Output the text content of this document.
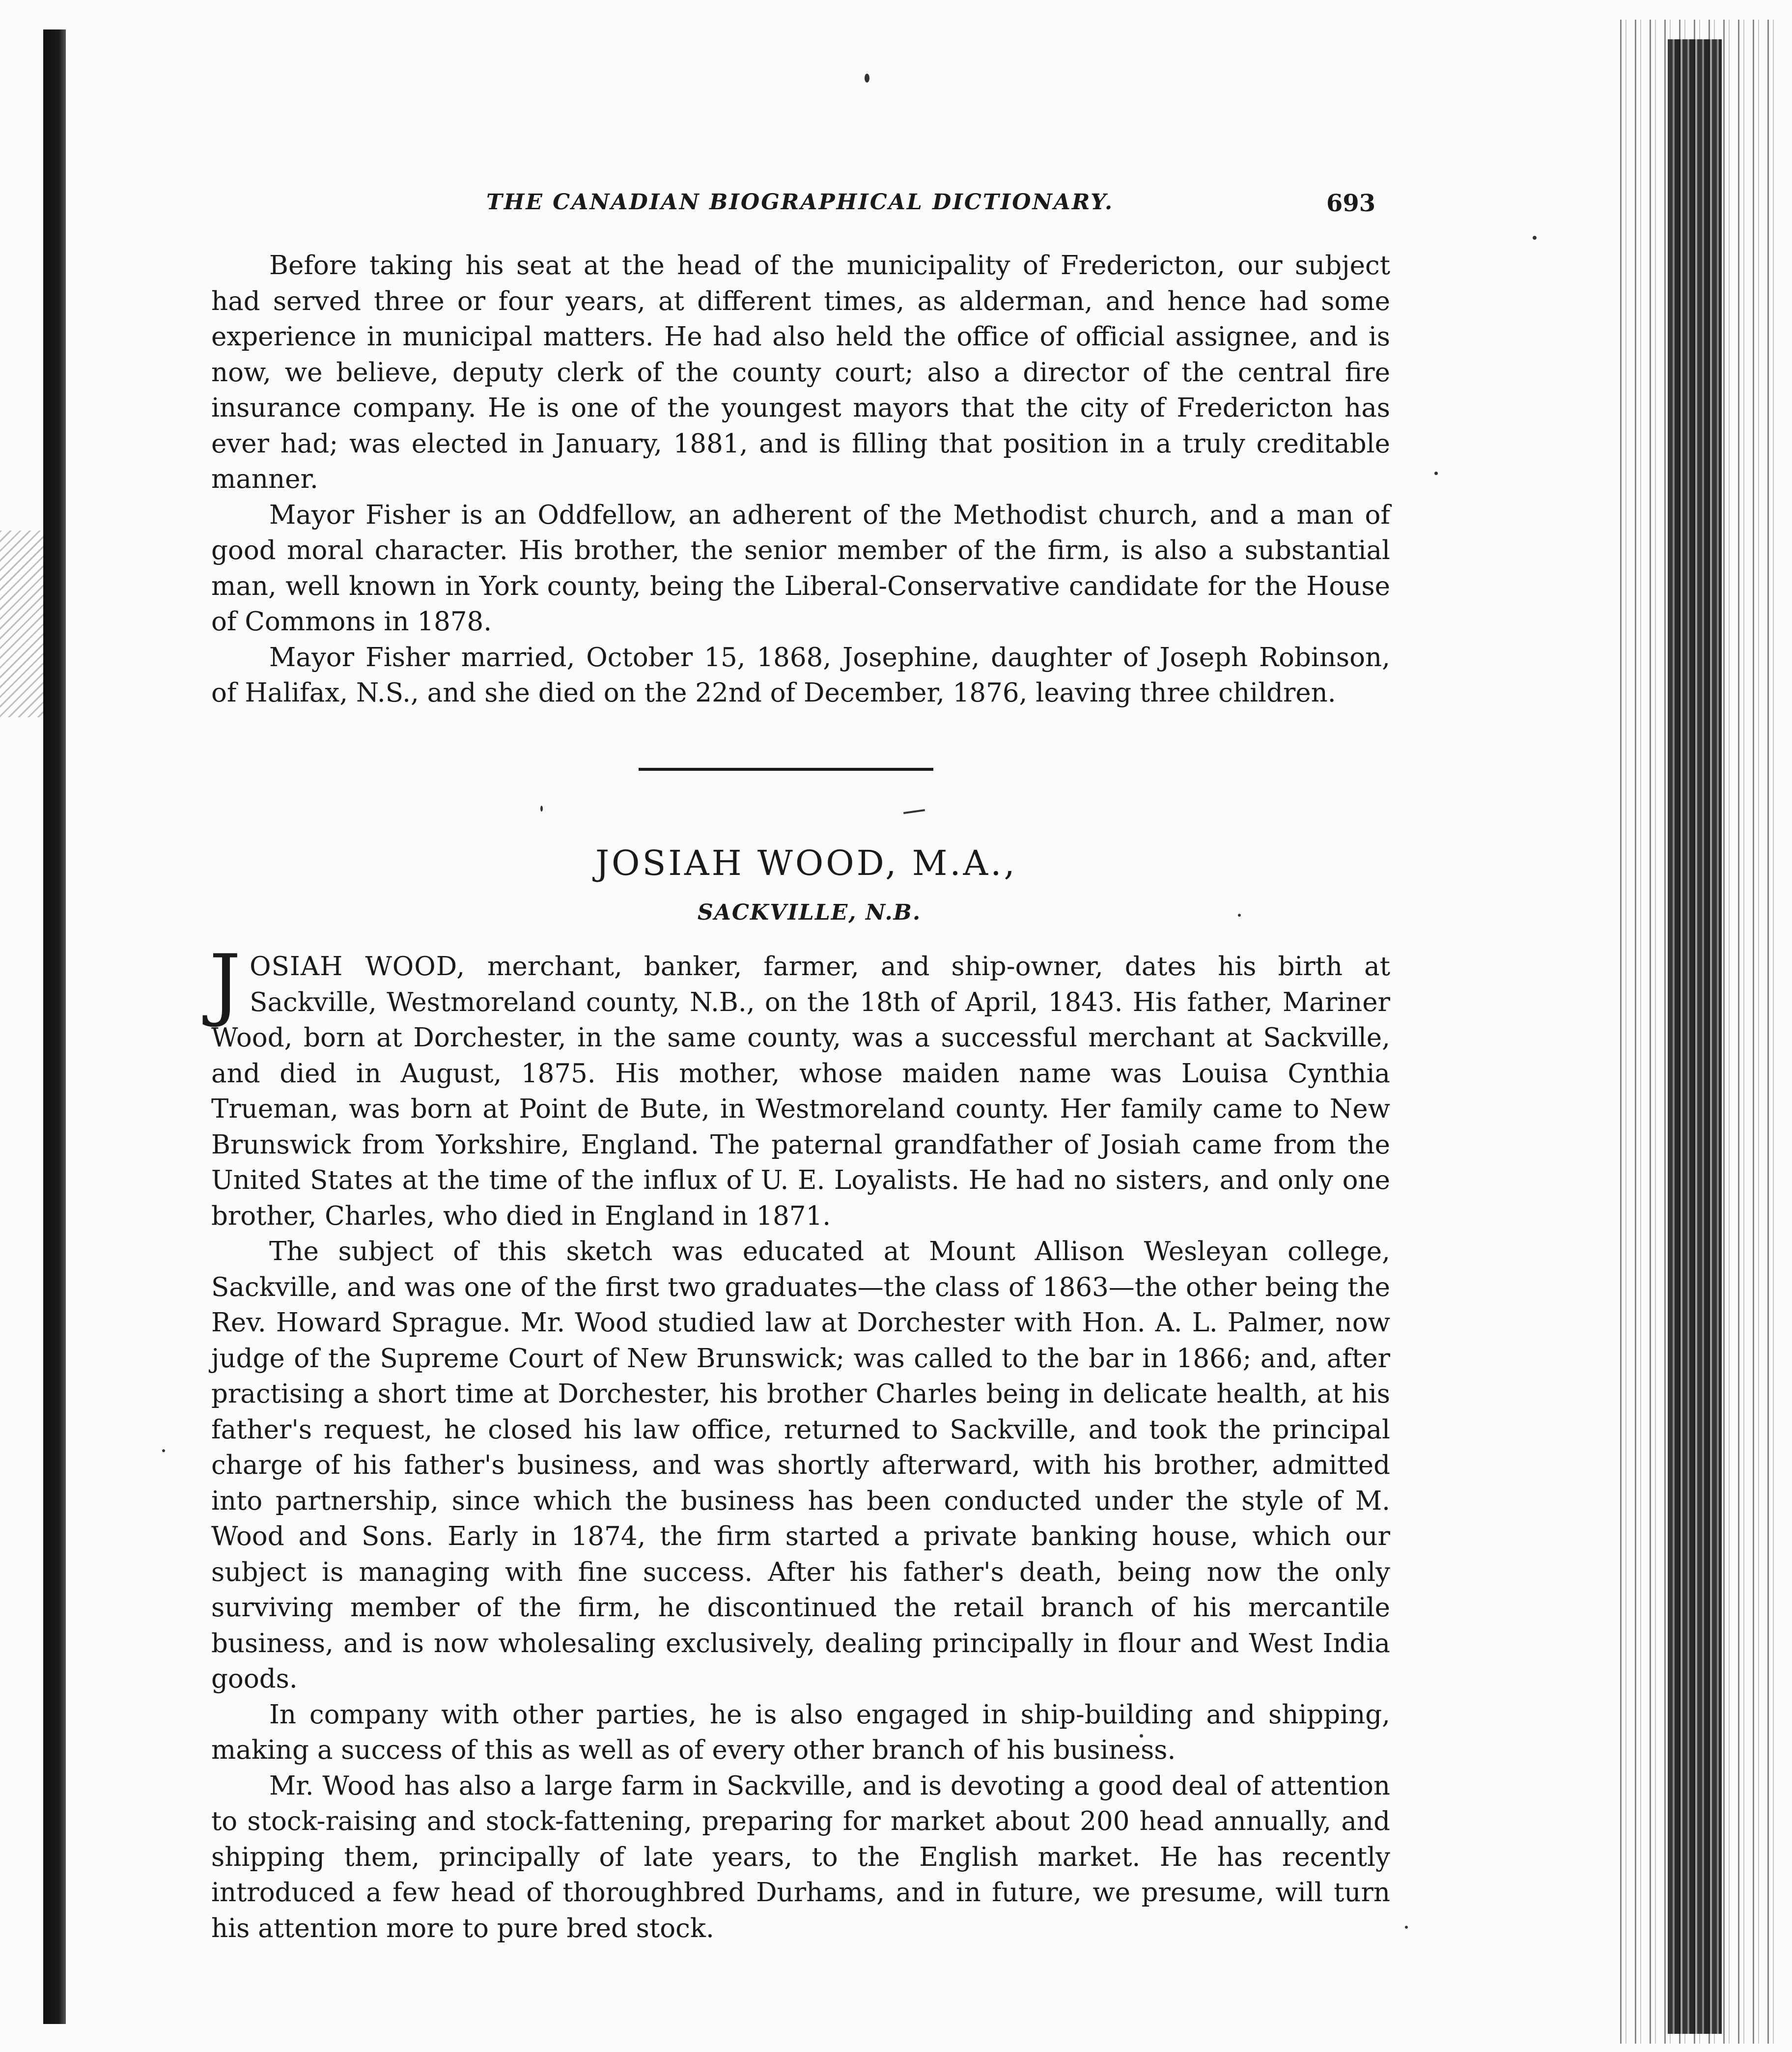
THE CANADIAN BIOGRAPHICAL DICTIONARY.	693

Before taking his seat at the head of the municipality of Fredericton, our subject had served three or four years, at different times, as alderman, and hence had some experience in municipal matters. He had also held the office of official assignee, and is now, we believe, deputy clerk of the county court; also a director of the central fire insurance company. He is one of the youngest mayors that the city of Fredericton has ever had; was elected in January, 1881, and is filling that position in a truly creditable manner.

Mayor Fisher is an Oddfellow, an adherent of the Methodist church, and a man of good moral character. His brother, the senior member of the firm, is also a substantial man, well known in York county, being the Liberal-Conservative candidate for the House of Commons in 1878.

Mayor Fisher married, October 15, 1868, Josephine, daughter of Joseph Robinson, of Halifax, N.S., and she died on the 22nd of December, 1876, leaving three children.

JOSIAH WOOD, M.A.,
SACKVILLE, N.B.
J OSIAH WOOD, merchant, banker, farmer, and ship-owner, dates his birth at Sackville, Westmoreland county, N.B., on the 18th of April, 1843. His father, Mariner Wood, born at Dorchester, in the same county, was a successful merchant at Sackville, and died in August, 1875. His mother, whose maiden name was Louisa Cynthia Trueman, was born at Point de Bute, in Westmoreland county. Her family came to New Brunswick from Yorkshire, England. The paternal grandfather of Josiah came from the United States at the time of the influx of U. E. Loyalists. He had no sisters, and only one brother, Charles, who died in England in 1871.

The subject of this sketch was educated at Mount Allison Wesleyan college, Sackville, and was one of the first two graduates—the class of 1863—the other being the Rev. Howard Sprague. Mr. Wood studied law at Dorchester with Hon. A. L. Palmer, now judge of the Supreme Court of New Brunswick; was called to the bar in 1866; and, after practising a short time at Dorchester, his brother Charles being in delicate health, at his father's request, he closed his law office, returned to Sackville, and took the principal charge of his father's business, and was shortly afterward, with his brother, admitted into partnership, since which the business has been conducted under the style of M. Wood and Sons. Early in 1874, the firm started a private banking house, which our subject is managing with fine success. After his father's death, being now the only surviving member of the firm, he discontinued the retail branch of his mercantile business, and is now wholesaling exclusively, dealing principally in flour and West India goods.

In company with other parties, he is also engaged in ship-building and shipping, making a success of this as well as of every other branch of his business.

Mr. Wood has also a large farm in Sackville, and is devoting a good deal of attention to stock-raising and stock-fattening, preparing for market about 200 head annually, and shipping them, principally of late years, to the English market. He has recently introduced a few head of thoroughbred Durhams, and in future, we presume, will turn his attention more to pure bred stock.
